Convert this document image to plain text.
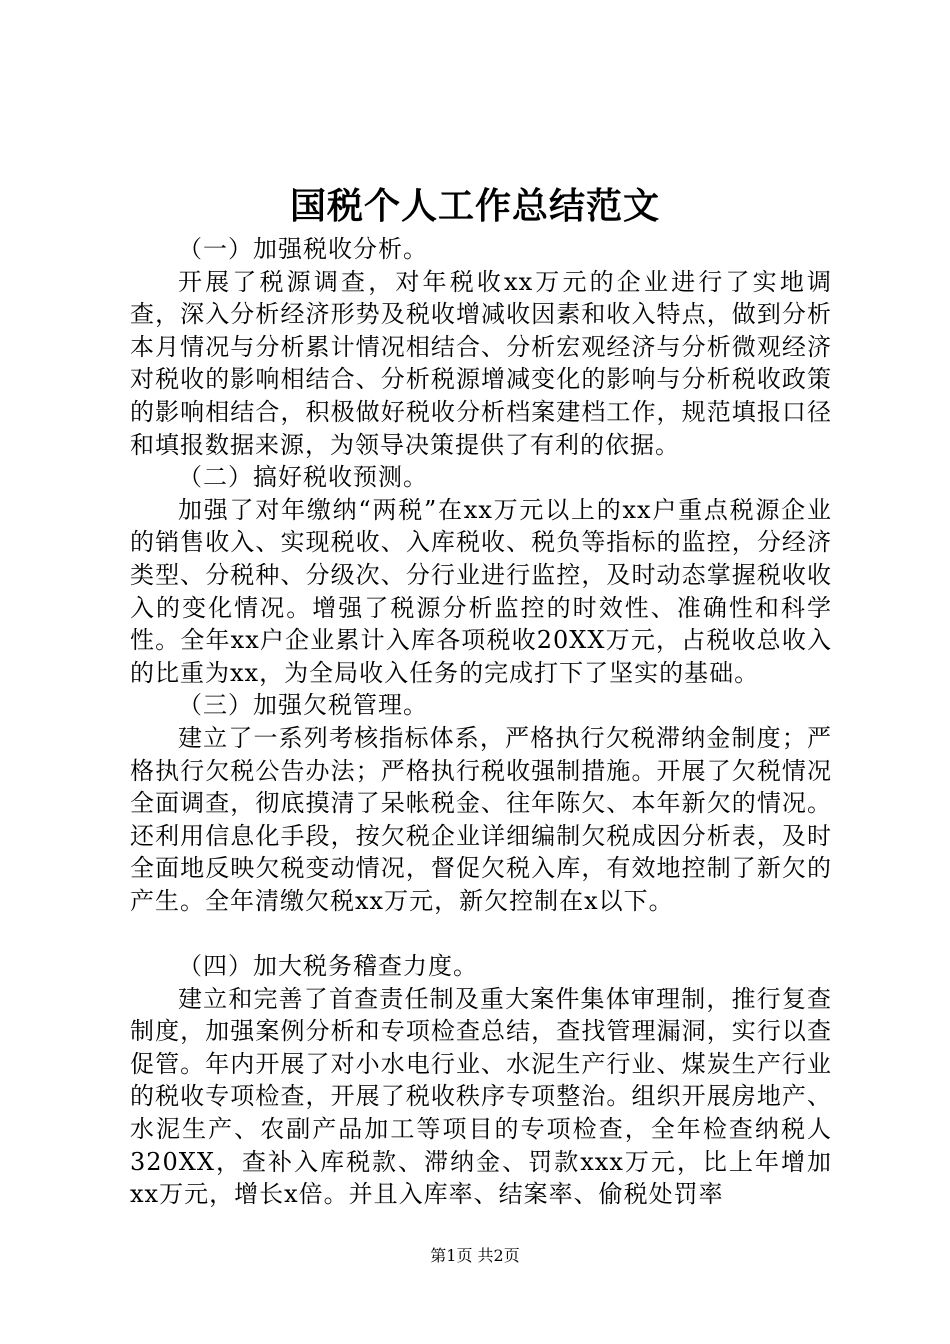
国税个人工作总结范文

（一）加强税收分析。

开展了税源调查，对年税收xx万元的企业进行了实地调查，深入分析经济形势及税收增减收因素和收入特点，做到分析本月情况与分析累计情况相结合、分析宏观经济与分析微观经济对税收的影响相结合、分析税源增减变化的影响与分析税收政策的影响相结合，积极做好税收分析档案建档工作，规范填报口径和填报数据来源，为领导决策提供了有利的依据。

（二）搞好税收预测。

加强了对年缴纳“两税”在xx万元以上的xx户重点税源企业的销售收入、实现税收、入库税收、税负等指标的监控，分经济类型、分税种、分级次、分行业进行监控，及时动态掌握税收收入的变化情况。增强了税源分析监控的时效性、准确性和科学性。全年xx户企业累计入库各项税收20XX万元，占税收总收入的比重为xx，为全局收入任务的完成打下了坚实的基础。

（三）加强欠税管理。

建立了一系列考核指标体系，严格执行欠税滞纳金制度；严格执行欠税公告办法；严格执行税收强制措施。开展了欠税情况全面调查，彻底摸清了呆帐税金、往年陈欠、本年新欠的情况。还利用信息化手段，按欠税企业详细编制欠税成因分析表，及时全面地反映欠税变动情况，督促欠税入库，有效地控制了新欠的产生。全年清缴欠税xx万元，新欠控制在x以下。

（四）加大税务稽查力度。

建立和完善了首查责任制及重大案件集体审理制，推行复查制度，加强案例分析和专项检查总结，查找管理漏洞，实行以查促管。年内开展了对小水电行业、水泥生产行业、煤炭生产行业的税收专项检查，开展了税收秩序专项整治。组织开展房地产、水泥生产、农副产品加工等项目的专项检查，全年检查纳税人320XX，查补入库税款、滞纳金、罚款xxx万元，比上年增加xx万元，增长x倍。并且入库率、结案率、偷税处罚率

第1页 共2页
